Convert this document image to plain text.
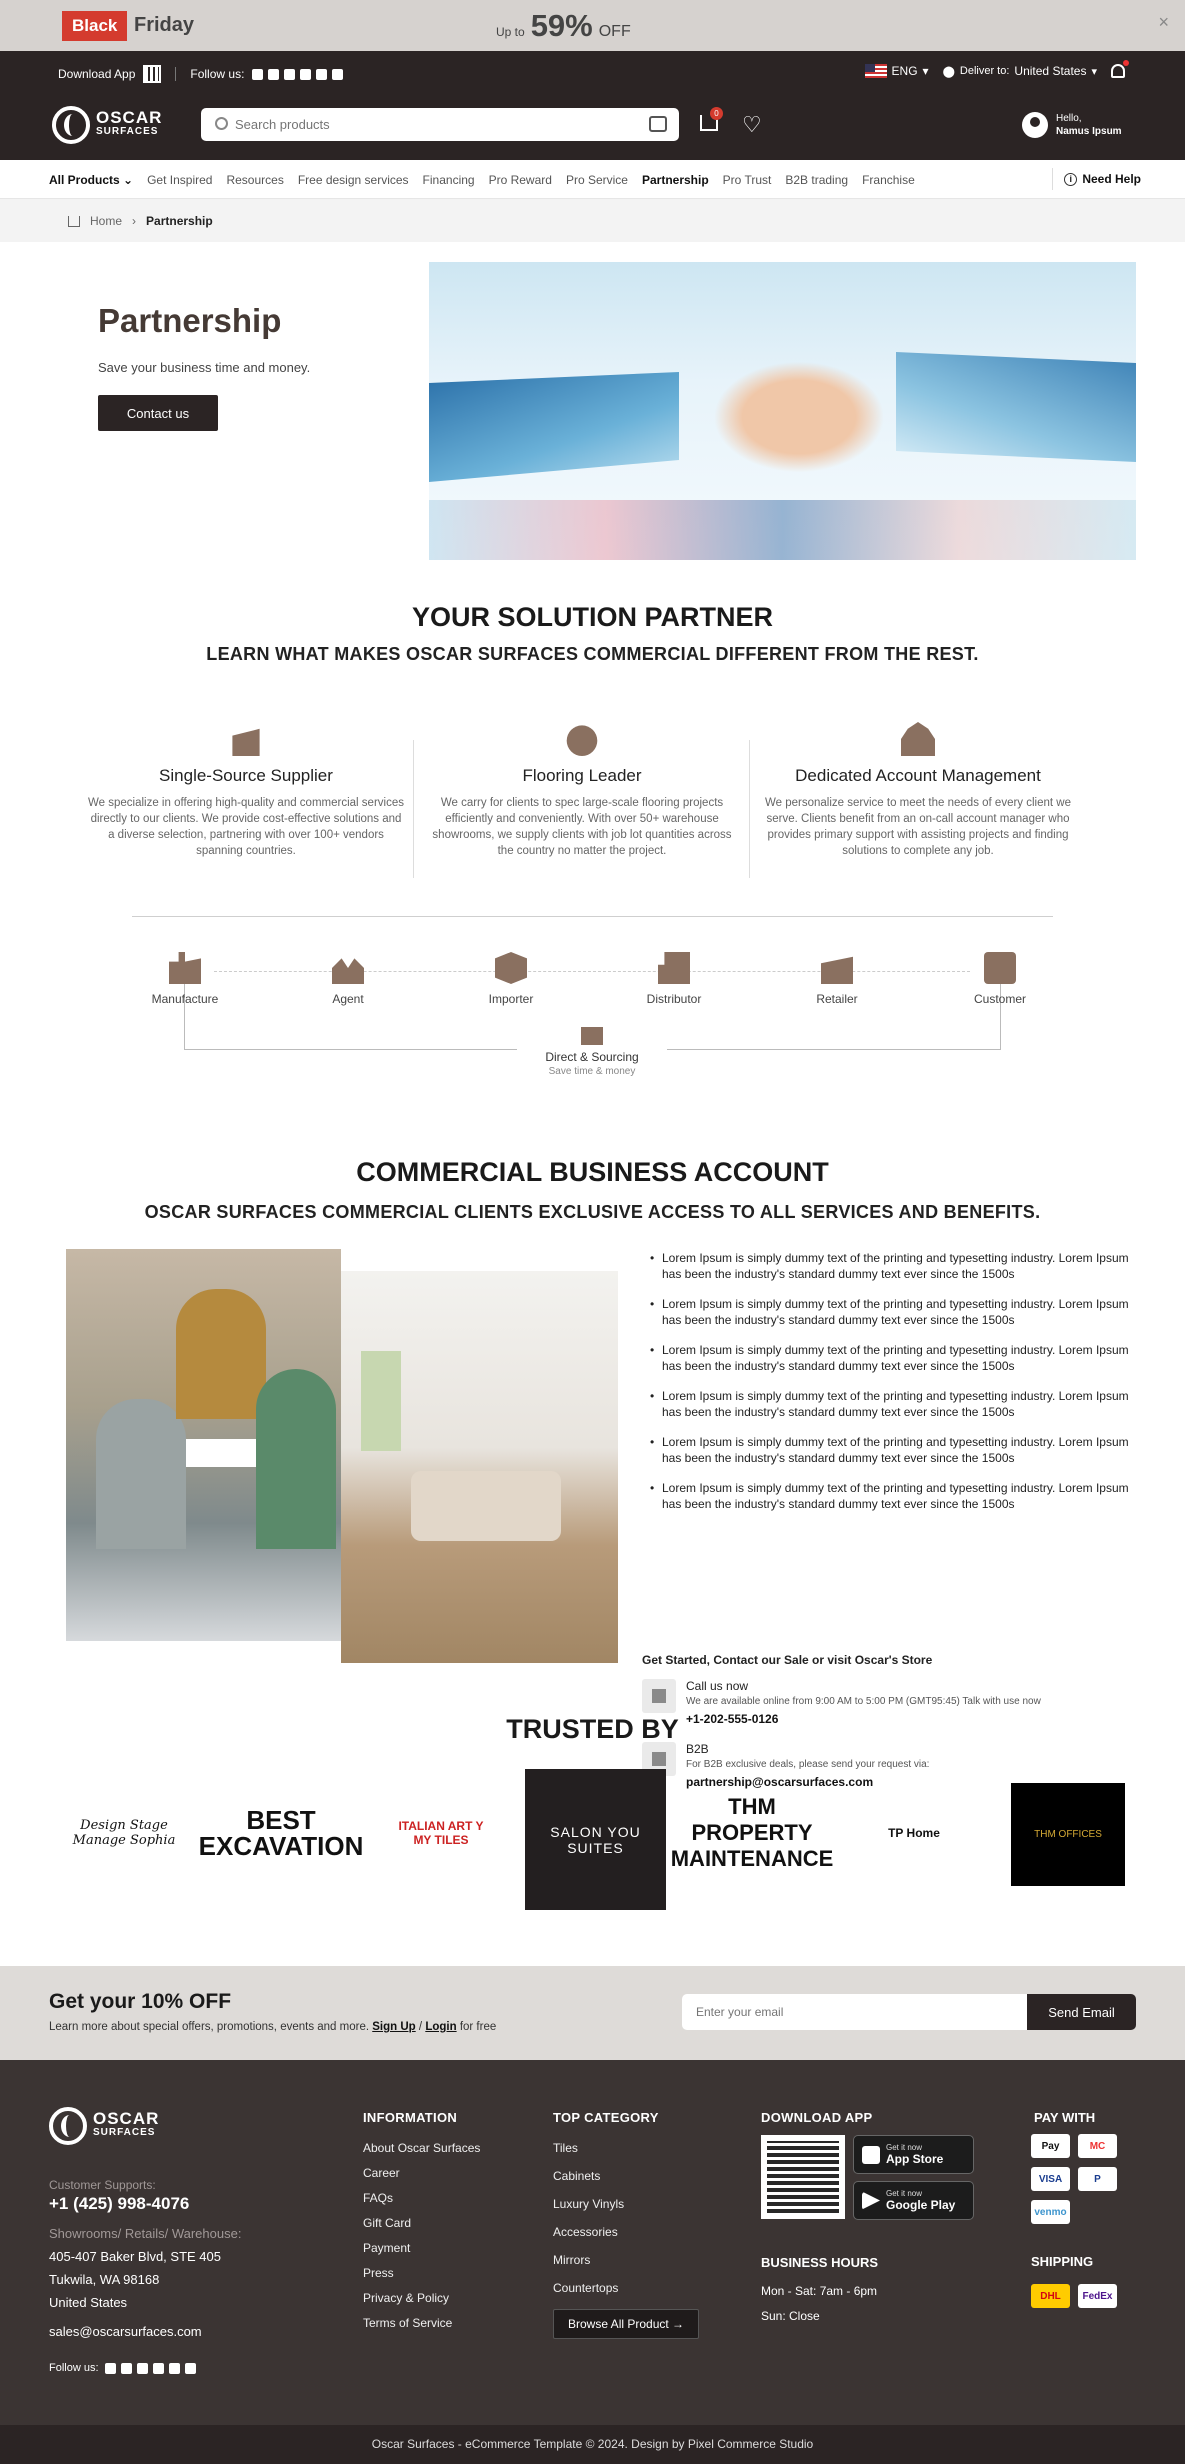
Black Friday	Up to 59% OFF	×
Download App	Follow us:	ENG ▾ ⬤ Deliver to: United States ▾
OSCAR
SURFACES
Search products
0 ♡	Hello,
Namus Ipsum
All Products ⌄ Get Inspired Resources Free design services Financing Pro Reward Pro Service Partnership Pro Trust B2B trading Franchise	i Need Help
Home › Partnership
Partnership

Save your business time and money.

Contact us
YOUR SOLUTION PARTNER
LEARN WHAT MAKES OSCAR SURFACES COMMERCIAL DIFFERENT FROM THE REST.
Single-Source Supplier
We specialize in offering high-quality and commercial services directly to our clients. We provide cost-effective solutions and a diverse selection, partnering with over 100+ vendors spanning countries.
Flooring Leader
We carry for clients to spec large-scale flooring projects efficiently and conveniently. With over 50+ warehouse showrooms, we supply clients with job lot quantities across the country no matter the project.
Dedicated Account Management
We personalize service to meet the needs of every client we serve. Clients benefit from an on-call account manager who provides primary support with assisting projects and finding solutions to complete any job.
Manufacture	Agent	Importer	Distributor	Retailer	Customer
Direct & Sourcing
Save time & money
COMMERCIAL BUSINESS ACCOUNT
OSCAR SURFACES COMMERCIAL CLIENTS EXCLUSIVE ACCESS TO ALL SERVICES AND BENEFITS.
• Lorem Ipsum is simply dummy text of the printing and typesetting industry. Lorem Ipsum has been the industry's standard dummy text ever since the 1500s
• Lorem Ipsum is simply dummy text of the printing and typesetting industry. Lorem Ipsum has been the industry's standard dummy text ever since the 1500s
• Lorem Ipsum is simply dummy text of the printing and typesetting industry. Lorem Ipsum has been the industry's standard dummy text ever since the 1500s
• Lorem Ipsum is simply dummy text of the printing and typesetting industry. Lorem Ipsum has been the industry's standard dummy text ever since the 1500s
• Lorem Ipsum is simply dummy text of the printing and typesetting industry. Lorem Ipsum has been the industry's standard dummy text ever since the 1500s
• Lorem Ipsum is simply dummy text of the printing and typesetting industry. Lorem Ipsum has been the industry's standard dummy text ever since the 1500s
Get Started, Contact our Sale or visit Oscar's Store
Call us now
We are available online from 9:00 AM to 5:00 PM (GMT95:45) Talk with use now
+1-202-555-0126
B2B
For B2B exclusive deals, please send your request via:
partnership@oscarsurfaces.com
TRUSTED BY
Design Stage Manage Sophia
BEST EXCAVATION
ITALIAN ART Y MY TILES
SALON YOU SUITES
THM PROPERTY MAINTENANCE
TP Home	THM OFFICES
Get your 10% OFF
Learn more about special offers, promotions, events and more. Sign Up / Login for free
Enter your email
Send Email
OSCAR
SURFACES
Customer Supports:
+1 (425) 998-4076
Showrooms/ Retails/ Warehouse:
405-407 Baker Blvd, STE 405
Tukwila, WA 98168
United States
sales@oscarsurfaces.com
Follow us:
INFORMATION
About Oscar Surfaces
Career
FAQs
Gift Card
Payment
Press
Privacy & Policy
Terms of Service
TOP CATEGORY
Tiles
Cabinets
Luxury Vinyls
Accessories
Mirrors
Countertops
Browse All Product →
DOWNLOAD APP
Get it now
App Store
Get it now
Google Play
BUSINESS HOURS
Mon - Sat: 7am - 6pm
Sun: Close
PAY WITH
Pay	MC
VISA	P
venmo
SHIPPING
DHL	FedEx
Oscar Surfaces - eCommerce Template © 2024. Design by Pixel Commerce Studio
